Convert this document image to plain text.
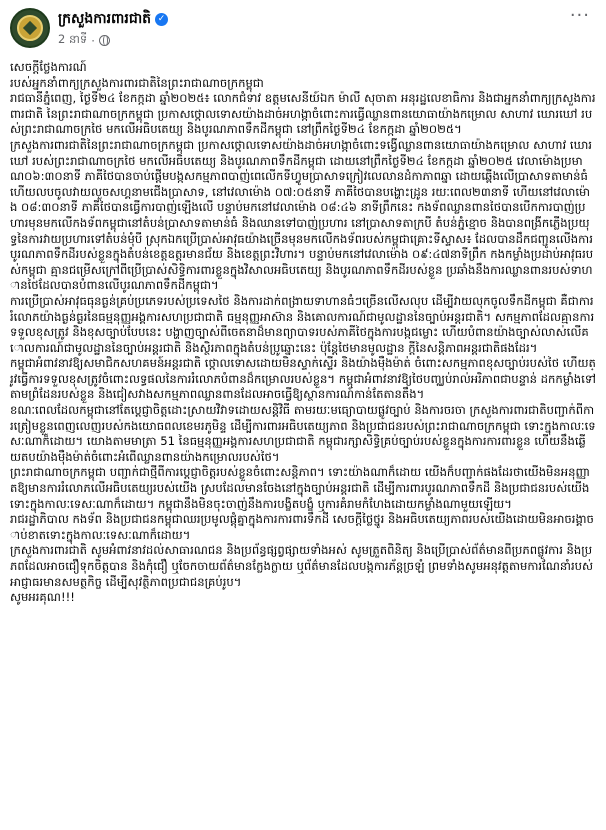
ក្រសួងការពារជាតិ ✓
2 នាទី ·
···

សេចក្តីថ្លែងការណ៍

របស់អ្នកនាំពាក្យក្រសួងការពារជាតិនៃព្រះរាជាណាចក្រកម្ពុជា

រាជធានីភ្នំពេញ, ថ្ងៃទី២៤ ខែកក្កដា ឆ្នាំ២០២៥៖ លោកជំទាវ ឧត្តមសេនីយ៍ឯក ម៉ាលី សុចាតា អនុរដ្ឋលេខាធិការ និងជាអ្នកនាំពាក្យក្រសួងការពារជាតិ នៃព្រះរាជាណាចក្រកម្ពុជា ប្រកាសថ្កោលទោសយ៉ាងដាច់អហង្កាចំពោះការធ្វើឈ្លានពានយោធាយ៉ាងកម្រោល សាហាវ ឃោរឃៅ របស់ព្រះរាជាណាចក្រថៃ មកលើអធិបតេយ្យ និងបូរណភាពទឹកដីកម្ពុជា នៅព្រឹកថ្ងៃទី២៤ ខែកក្កដា ឆ្នាំ២០២៥។

ក្រសួងការពារជាតិនៃព្រះរាជាណាចក្រកម្ពុជា ប្រកាសថ្កោលទោសយ៉ាងដាច់អហង្កាចំពោះទង្វើឈ្លានពានយោធាយ៉ាងកម្រោល សាហាវ ឃោរឃៅ របស់ព្រះរាជាណាចក្រថៃ មកលើអធិបតេយ្យ និងបូរណភាពទឹកដីកម្ពុជា ដោយនៅព្រឹកថ្ងៃទី២៤ ខែកក្កដា ឆ្នាំ២០២៥ វេលាម៉ោងប្រមាណ០៦:៣០នាទី ភាគីថៃបានចាប់ផ្តើមបង្កសកម្មភាពបាញ់ពេលើកទីហ្វូមប្រាសាទក្រៀវលេលានដំកាភាពឆ្នា ដោយឆ្ពើងលើប្រាសាទតាមាន់ធំ ហើយលបចូលវាយលួចសហ្គនាមជើងប្រាសាទ, នៅវេលាម៉ោង ០៧:០៥នាទី ភាគីថៃបានបង្ហោះដ្រូន រយៈពេល២៣នាទី ហើយនៅវេលាម៉ោង ០៨:៣០នាទី ភាគីថៃបានធ្វើការបាញ់ឡើងលើ បន្ទាប់មកនៅវេលាម៉ោង ០៨:៤៦ នាទីព្រឹកនេះ កងទ័ពឈ្លានពានថៃបានបើកការបាញ់ប្រហារមុនមកលើកងទ័ពកម្ពុជានៅតំបន់ប្រាសាទតាមាន់ធំ និងឈានទៅបាញ់ប្រហារ នៅប្រាសាទតាក្របី តំបន់ភ្នំខ្មោច និងបានពង្រីកភ្លើងប្រយុទ្ធនៃការវាយប្រហារទៅតំបន់មុំបី ស្រុកឯកប្រើប្រាស់អាវុធយ៉ាងច្រើនមុនមកលើកងទ័ពរបស់កម្ពុជាគ្រោះទីស្ទាស៖ ដែលបានដឹកជញ្ជូនលើងការបូរណភាពទឹកដីរបស់ខ្លួនក្នុងតំបន់ខេត្តឧត្តរមានជ័យ និងខេត្តព្រះវិហារ។ បន្ទាប់មកនៅវេលាម៉ោង ០៩:៤៧នាទីព្រឹក កងកម្លាំងប្រដាប់អាវុធរបស់កម្ពុជា គ្មានជម្រើសក្រៅពីប្រើប្រាស់សិទ្ធិការពារខ្លួនក្នុងវិសាលអធិបតេយ្យ និងបូរណភាពទឹកដីរបស់ខ្លួន ប្រឆាំងនឹងការឈ្លានពានរបស់ទាហានថៃដែលបានបំពានលើបូរណភាពទឹកដីកម្ពុជា។

ការប្រើប្រាស់អាវុធធុនធ្ងន់គ្រប់ប្រភេទរបស់ប្រទេសថៃ និងការដាក់ពង្រាយទាហានធំៗច្រើនលើសលុប ដើម្បីវាយលុកចូលទឹកដីកម្ពុជា គឺជាការរំលោភយ៉ាងធ្ងន់ធ្ងរនៃធម្មនុញ្ញអង្គការសហប្រជាជាតិ ធម្មនុញ្ញអាស៊ាន និងគោលការណ៍ជាមូលដ្ឋាននៃច្បាប់អន្តរជាតិ។ សកម្មភាពដែលគ្មានការទទួលខុសត្រូវ និងខុសច្បាប់បែបនេះ បង្ហាញច្បាស់ពីចេតនាដ៏មានព្យាបាទរបស់ភាគីថៃក្នុងការបង្កជម្លោះ ហើយបំពានយ៉ាងច្បាស់លាស់លើគោលការណ៍ជាមូលដ្ឋាននៃច្បាប់អន្តរជាតិ និងស្ថិរភាពក្នុងតំបន់ប្រូឆ្នោះនេះ ប៉ុន្តែថៃមានមូលដ្ឋាន ក្តីនៃសន្តិភាពអន្តរជាតិផងដែរ។

កម្ពុជាអំពាវនាវឱ្យសមាជិកសហគមន៍អន្តរជាតិ ថ្កោលទោសដោយមិនស្ទាក់ស្ទើរ និងយ៉ាងម៉ឺងម៉ាត់ ចំពោះសកម្មភាពខុសច្បាប់របស់ថៃ ហើយត្រូវធ្វើការទទួលខុសត្រូវចំពោះលទ្ធផលនៃការរំលោភបំពានដ៏កម្រោលរបស់ខ្លួន។ កម្ពុជាអំពាវនាវឱ្យថៃបញ្ឈប់រាល់អរិភាពជាបន្ទាន់ ដកកម្លាំងទៅតាមព្រំដែនរបស់ខ្លួន និងជៀសវាងសកម្មភាពឈ្លានពានដែលអាចធ្វើឱ្យស្ថានការណ៍កាន់តែតានតឹង។

ខណៈពេលដែលកម្ពុជានៅតែប្តេជ្ញាចិត្តដោះស្រាយវិវាទដោយសន្តិវិធី តាមរយៈមធ្យោបាយផ្លូវច្បាប់ និងការចរចា ក្រសួងការពារជាតិបញ្ជាក់ពីការត្រៀមខ្លួនពេញលេញរបស់កងយោធពលខេមរភូមិន្ទ ដើម្បីការពារអធិបតេយ្យភាព និងប្រជាជនរបស់ព្រះរាជាណាចក្រកម្ពុជា ទោះក្នុងកាលៈទេសៈណាក៏ដោយ។ យោងតាមមាត្រា 51 នៃធម្មនុញ្ញអង្គការសហប្រជាជាតិ កម្ពុជារក្សាសិទ្ធិគ្រប់ច្បាប់របស់ខ្លួនក្នុងការការពារខ្លួន ហើយនឹងឆ្លើយតបយ៉ាងម៉ឺងម៉ាត់ចំពោះអំពើឈ្លានពានយ៉ាងកម្រោលរបស់ថៃ។

ព្រះរាជាណាចក្រកម្ពុជា បញ្ជាក់ជាថ្មីពីការប្តេជ្ញាចិត្តរបស់ខ្លួនចំពោះសន្តិភាព។ ទោះយ៉ាងណាក៏ដោយ យើងក៏បញ្ជាក់ផងដែរថាយើងមិនអនុញ្ញាតឱ្យមានការរំលោភលើអធិបតេយ្យរបស់យើង ស្របដែលមានចែងនៅក្នុងច្បាប់អន្តរជាតិ ដើម្បីការពារបូរណភាពទឹកដី និងប្រជាជនរបស់យើង ទោះក្នុងកាលៈទេសៈណាក៏ដោយ។ កម្ពុជានឹងមិនចុះចាញ់នឹងការបង្ខិតបង្ខំ ឬការគំរាមកំហែងដោយកម្លាំងណាមួយឡើយ។

រាជរដ្ឋាភិបាល កងទ័ព និងប្រជាជនកម្ពុជាឈរប្រមូលផ្តុំគ្នាក្នុងការការពារទឹកដី សេចក្តីថ្លៃថ្នូរ និងអធិបតេយ្យភាពរបស់យើងដោយមិនអាចរង្គាចាប់ខាតទោះក្នុងកាលៈទេសៈណាក៏ដោយ។

ក្រសួងការពារជាតិ សូមអំពាវនាវដល់សាធារណជន និងប្រព័ន្ធផ្សព្វផ្សាយទាំងអស់ សូមត្រួតពិនិត្យ និងប្រើប្រាស់ព័ត៌មានពីប្រភពផ្លូវការ និងប្រភពដែលអាចជឿទុកចិត្តបាន និងកុំជឿ ឬចែកចាយព័ត៌មានក្លែងក្លាយ ឬព័ត៌មានដែលបង្កការភ័ន្តច្រឡំ ព្រមទាំងសូមអនុវត្តតាមការណែនាំរបស់អាជ្ញាធរមានសមត្ថកិច្ច ដើម្បីសុវត្ថិភាពប្រជាជនគ្រប់រូប។

សូមអរគុណ!!!
